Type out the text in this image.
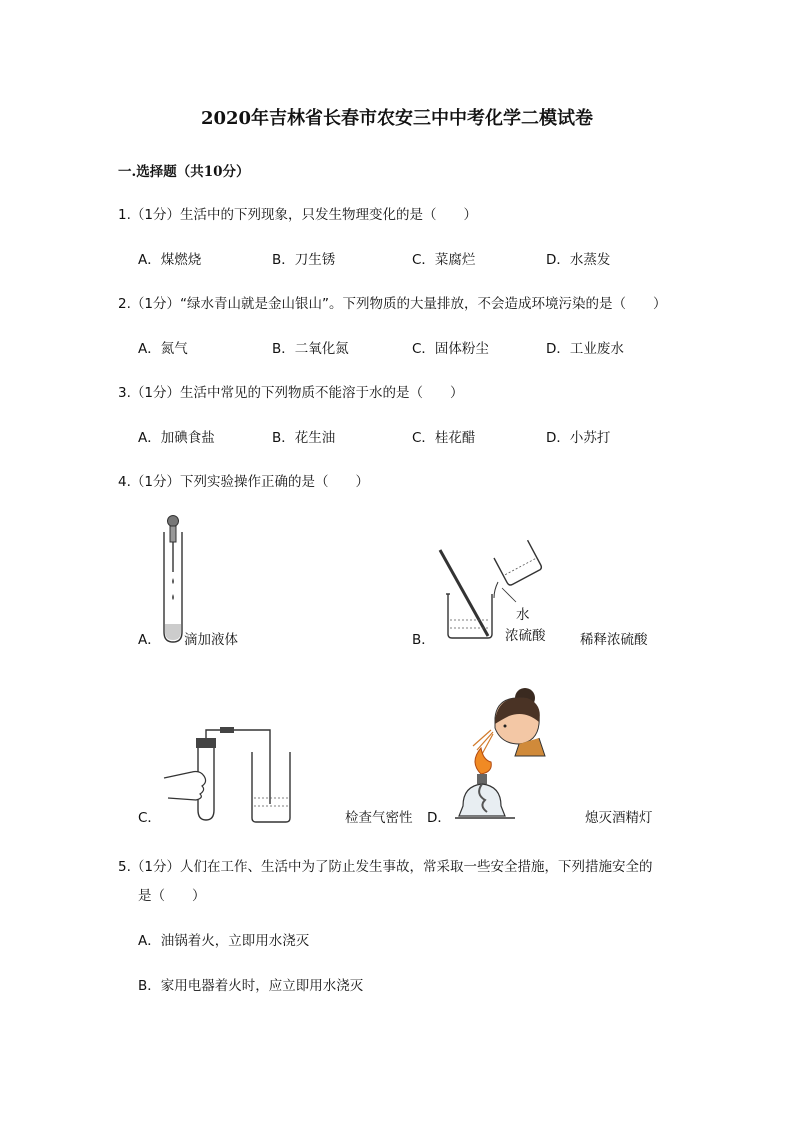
2020年吉林省长春市农安三中中考化学二模试卷
一.选择题（共10分）
1.（1分）生活中的下列现象，只发生物理变化的是（　　）
A．煤燃烧	B．刀生锈	C．菜腐烂	D．水蒸发
2.（1分）“绿水青山就是金山银山”。下列物质的大量排放，不会造成环境污染的是（　　）
A．氮气	B．二氧化氮	C．固体粉尘	D．工业废水
3.（1分）生活中常见的下列物质不能溶于水的是（　　）
A．加碘食盐	B．花生油	C．桂花醋	D．小苏打
4.（1分）下列实验操作正确的是（　　）
A． 滴加液体	B．
水
浓硫酸	稀释浓硫酸
C．	检查气密性 D．	熄灭酒精灯
5.（1分）人们在工作、生活中为了防止发生事故，常采取一些安全措施，下列措施安全的
是（　　）
A．油锅着火，立即用水浇灭
B．家用电器着火时，应立即用水浇灭
